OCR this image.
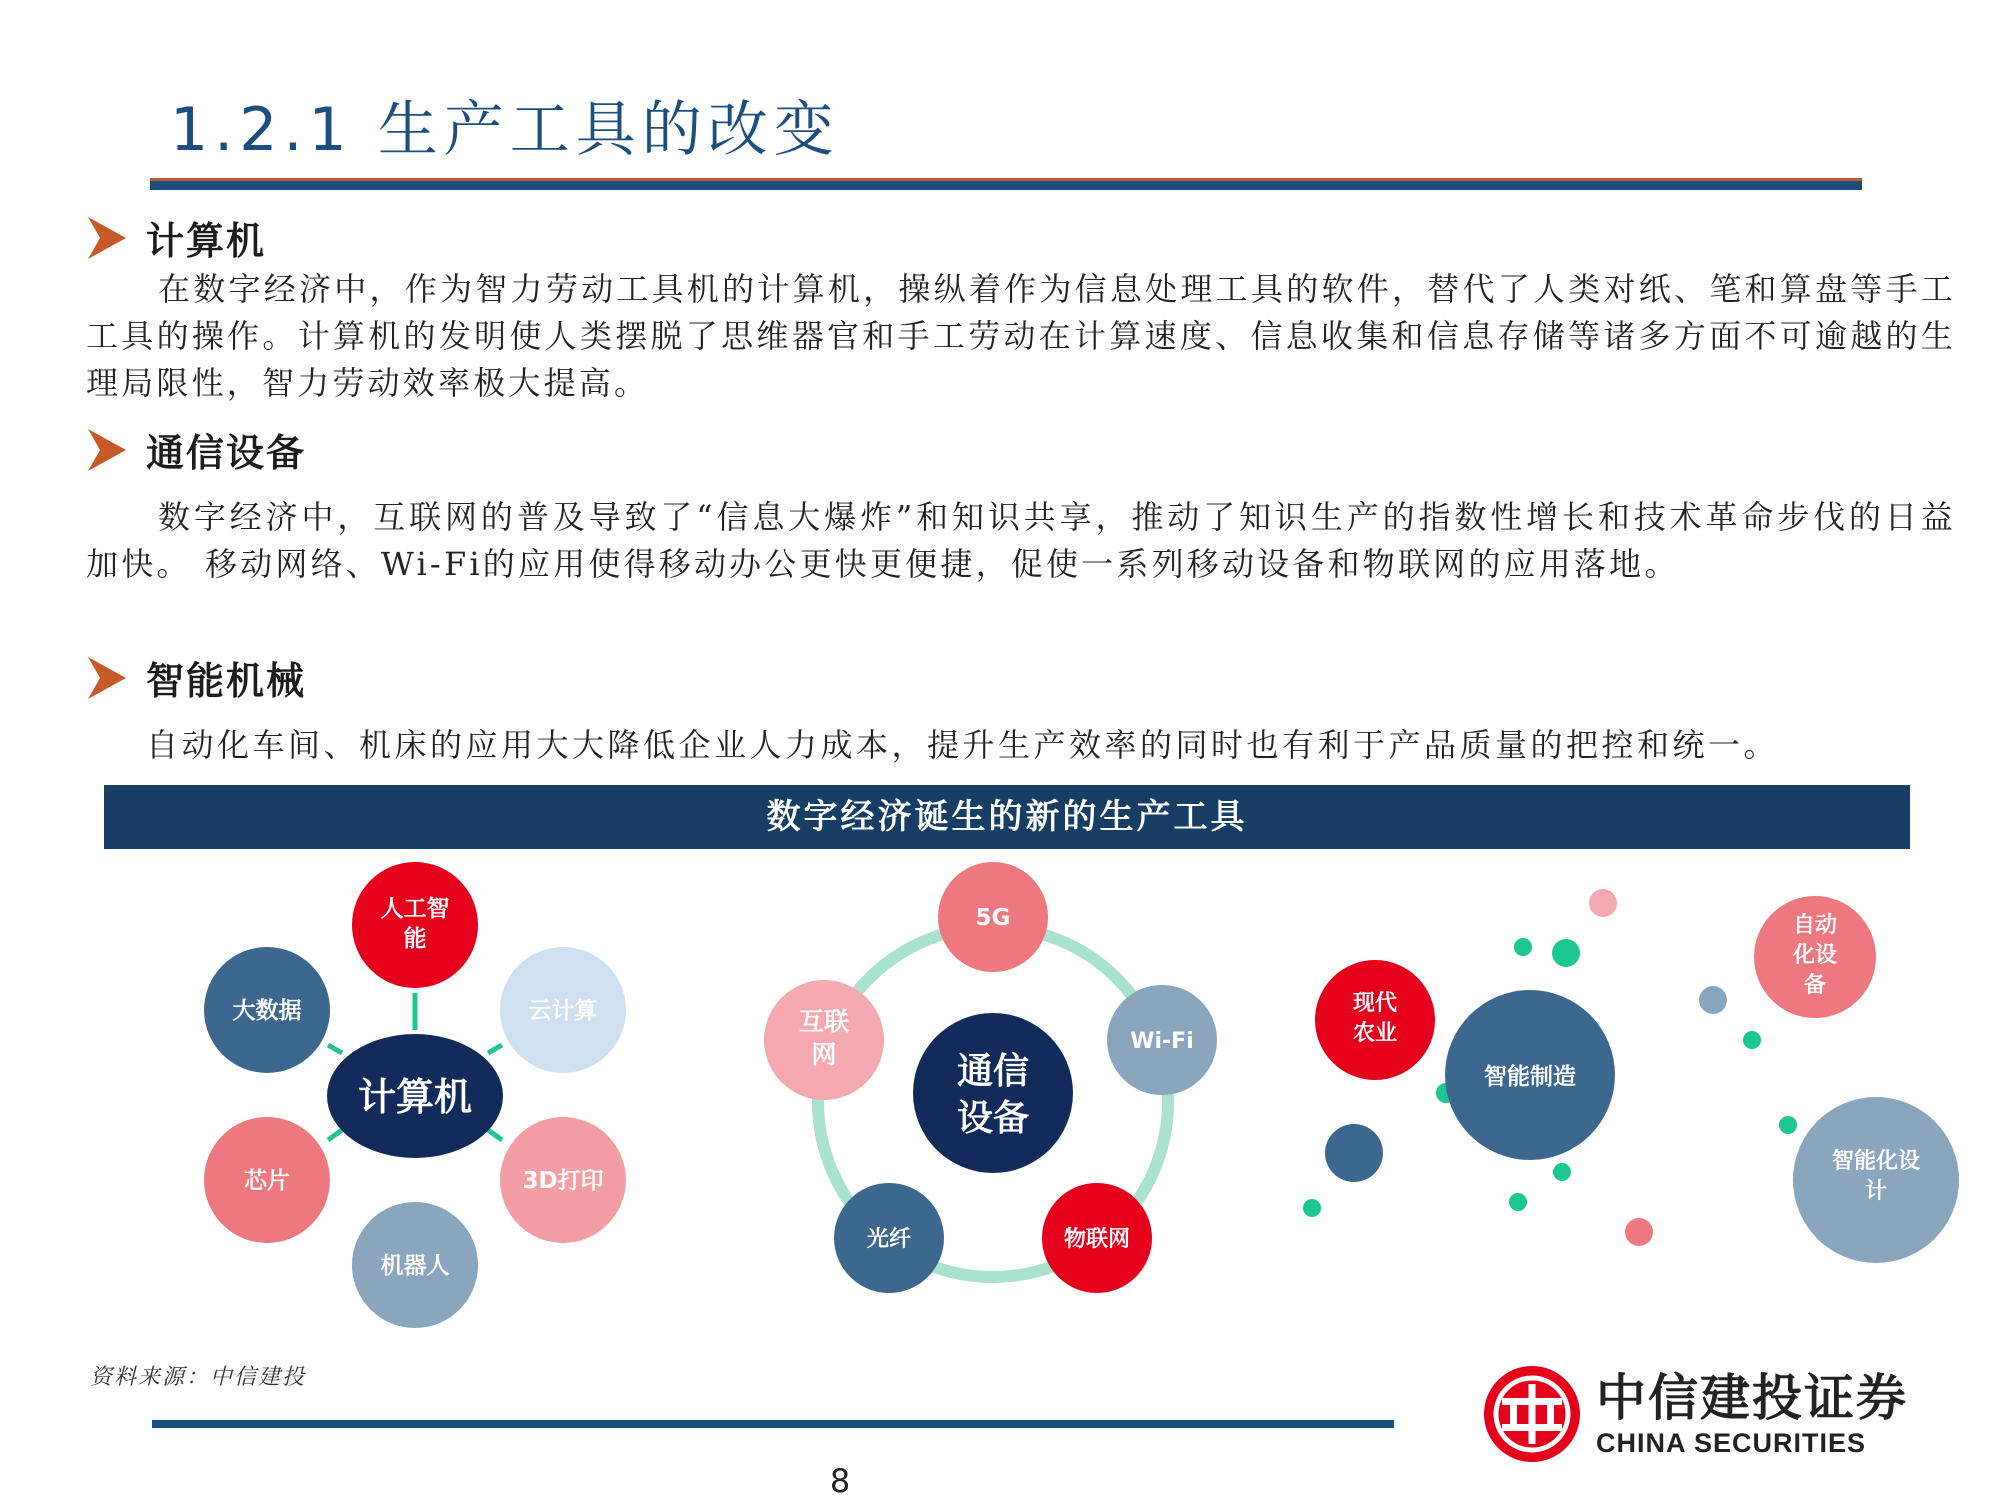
1.2.1 生产工具的改变
计算机
在数字经济中，作为智力劳动工具机的计算机，操纵着作为信息处理工具的软件，替代了人类对纸、笔和算盘等手工工具的操作。计算机的发明使人类摆脱了思维器官和手工劳动在计算速度、信息收集和信息存储等诸多方面不可逾越的生理局限性，智力劳动效率极大提高。
通信设备
数字经济中，互联网的普及导致了“信息大爆炸”和知识共享，推动了知识生产的指数性增长和技术革命步伐的日益加快。 移动网络、Wi-Fi的应用使得移动办公更快更便捷，促使一系列移动设备和物联网的应用落地。
智能机械
自动化车间、机床的应用大大降低企业人力成本，提升生产效率的同时也有利于产品质量的把控和统一。
数字经济诞生的新的生产工具
人工智
能
云计算
3D打印
机器人
芯片
大数据
计算机
通信
设备
5G
Wi-Fi
物联网
光纤
互联
网
智能制造
现代
农业
自动
化设
备
智能化设
计
资料来源：中信建投
8
中信建投证券
CHINA SECURITIES
